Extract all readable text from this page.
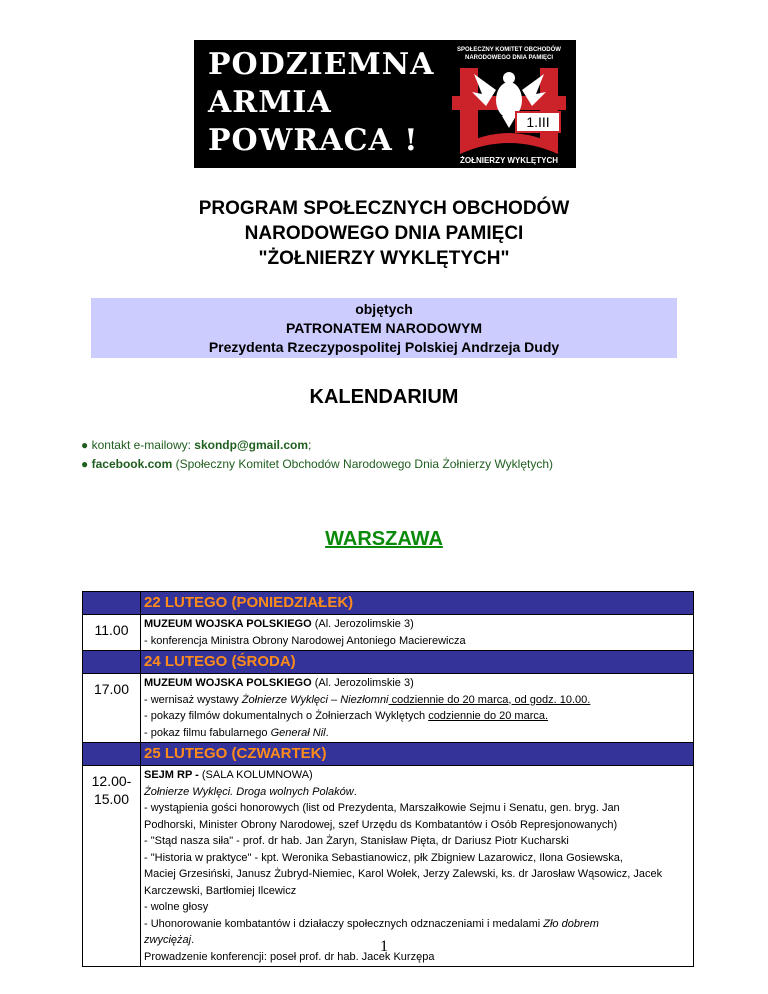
PODZIEMNA
ARMIA
POWRACA !
SPOŁECZNY KOMITET OBCHODÓW
NARODOWEGO DNIA PAMIĘCI
1.III
ŻOŁNIERZY WYKLĘTYCH
PROGRAM SPOŁECZNYCH OBCHODÓW
NARODOWEGO DNIA PAMIĘCI
"ŻOŁNIERZY WYKLĘTYCH"
objętych
PATRONATEM NARODOWYM
Prezydenta Rzeczypospolitej Polskiej Andrzeja Dudy
KALENDARIUM
● kontakt e-mailowy: skondp@gmail.com;
● facebook.com (Społeczny Komitet Obchodów Narodowego Dnia Żołnierzy Wyklętych)
WARSZAWA
22 LUTEGO (PONIEDZIAŁEK)
11.00	MUZEUM WOJSKA POLSKIEGO (Al. Jerozolimskie 3)
- konferencja Ministra Obrony Narodowej Antoniego Macierewicza
24 LUTEGO (ŚRODA)
17.00	MUZEUM WOJSKA POLSKIEGO (Al. Jerozolimskie 3)
- wernisaż wystawy Żołnierze Wyklęci – Niezłomni codziennie do 20 marca, od godz. 10.00.
- pokazy filmów dokumentalnych o Żołnierzach Wyklętych codziennie do 20 marca.
- pokaz filmu fabularnego Generał Nil.
25 LUTEGO (CZWARTEK)
12.00-
15.00
SEJM RP - (SALA KOLUMNOWA)
Żołnierze Wyklęci. Droga wolnych Polaków.
- wystąpienia gości honorowych (list od Prezydenta, Marszałkowie Sejmu i Senatu, gen. bryg. Jan
Podhorski, Minister Obrony Narodowej, szef Urzędu ds Kombatantów i Osób Represjonowanych)
- "Stąd nasza siła" - prof. dr hab. Jan Żaryn, Stanisław Pięta, dr Dariusz Piotr Kucharski
- "Historia w praktyce" - kpt. Weronika Sebastianowicz, płk Zbigniew Lazarowicz, Ilona Gosiewska,
Maciej Grzesiński, Janusz Żubryd-Niemiec, Karol Wołek, Jerzy Zalewski, ks. dr Jarosław Wąsowicz, Jacek
Karczewski, Bartłomiej Ilcewicz
- wolne głosy
- Uhonorowanie kombatantów i działaczy społecznych odznaczeniami i medalami Zło dobrem
zwyciężaj.
Prowadzenie konferencji: poseł prof. dr hab. Jacek Kurzępa
1
